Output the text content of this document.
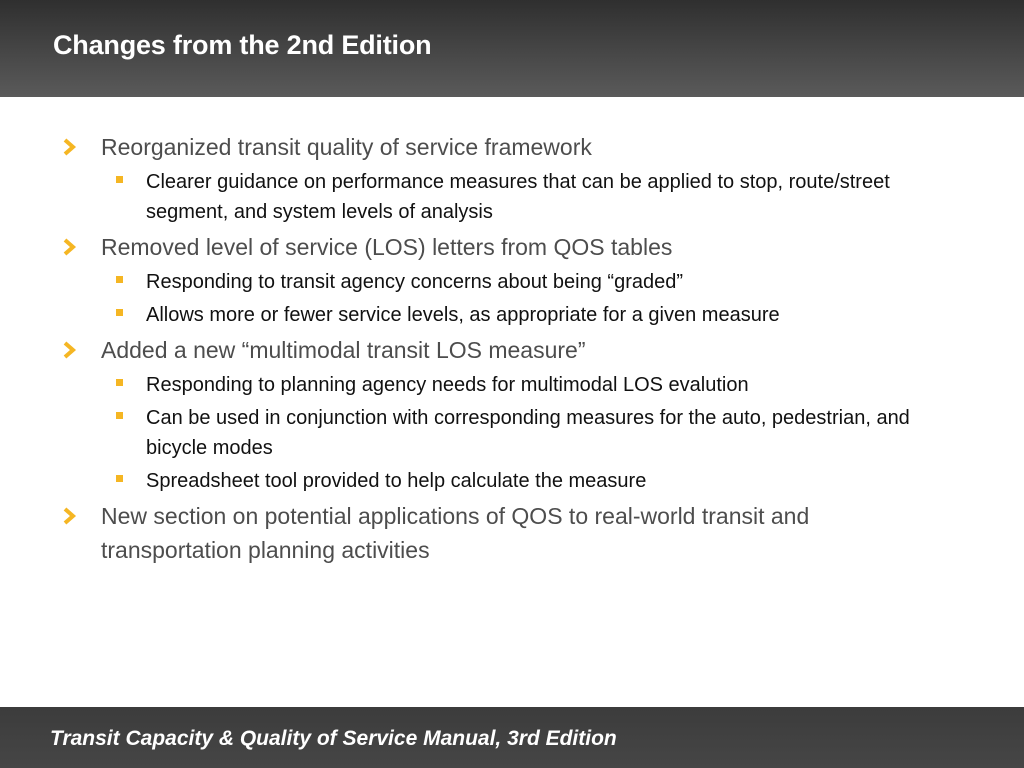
Changes from the 2nd Edition
Reorganized transit quality of service framework
Clearer guidance on performance measures that can be applied to stop, route/street segment, and system levels of analysis
Removed level of service (LOS) letters from QOS tables
Responding to transit agency concerns about being “graded”
Allows more or fewer service levels, as appropriate for a given measure
Added a new “multimodal transit LOS measure”
Responding to planning agency needs for multimodal LOS evalution
Can be used in conjunction with corresponding measures for the auto, pedestrian, and bicycle modes
Spreadsheet tool provided to help calculate the measure
New section on potential applications of QOS to real-world transit and transportation planning activities
Transit Capacity & Quality of Service Manual, 3rd Edition
